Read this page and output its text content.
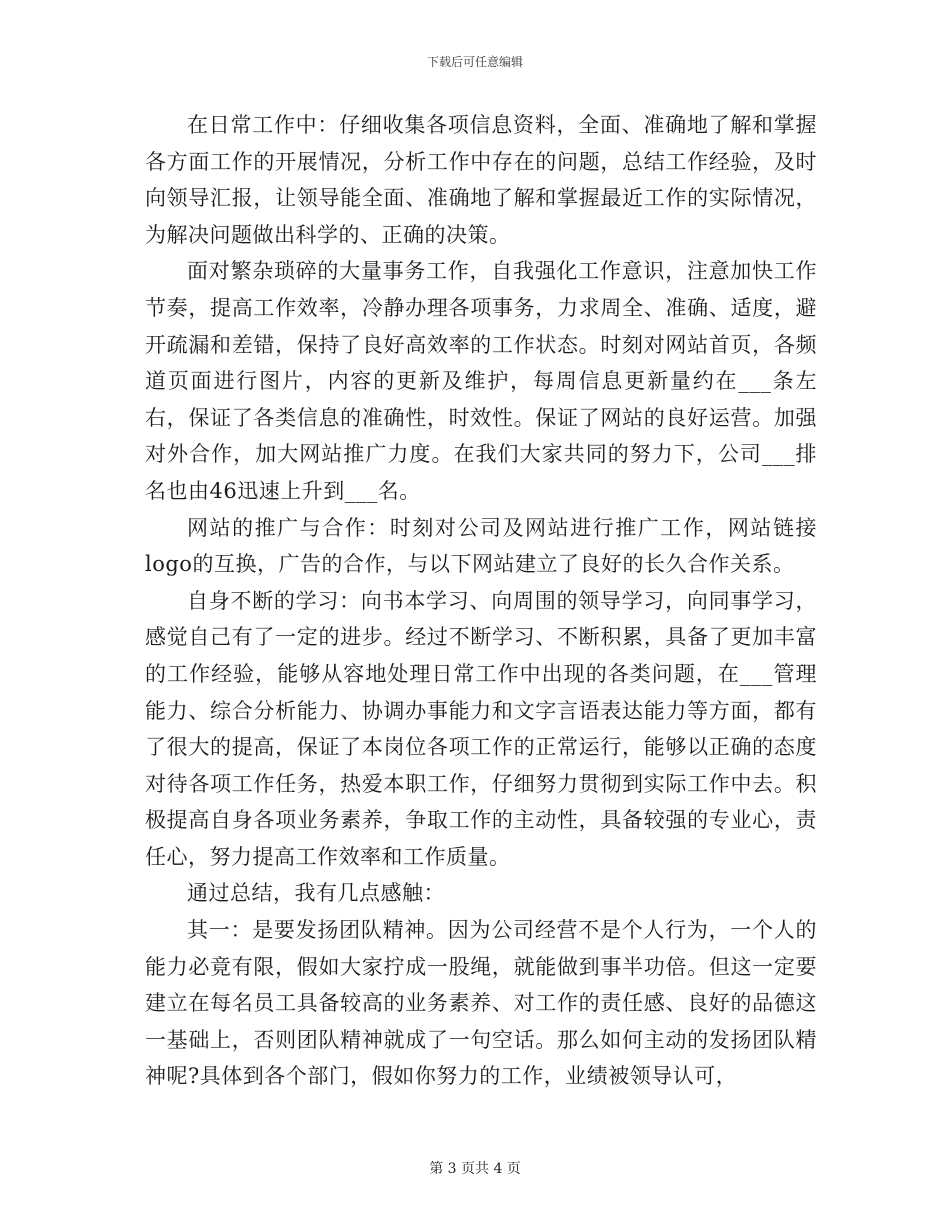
下载后可任意编辑

在日常工作中：仔细收集各项信息资料，全面、准确地了解和掌握各方面工作的开展情况，分析工作中存在的问题，总结工作经验，及时向领导汇报，让领导能全面、准确地了解和掌握最近工作的实际情况，为解决问题做出科学的、正确的决策。

面对繁杂琐碎的大量事务工作，自我强化工作意识，注意加快工作节奏，提高工作效率，冷静办理各项事务，力求周全、准确、适度，避开疏漏和差错，保持了良好高效率的工作状态。时刻对网站首页，各频道页面进行图片，内容的更新及维护，每周信息更新量约在___条左右，保证了各类信息的准确性，时效性。保证了网站的良好运营。加强对外合作，加大网站推广力度。在我们大家共同的努力下，公司___排名也由46迅速上升到___名。

网站的推广与合作：时刻对公司及网站进行推广工作，网站链接logo的互换，广告的合作，与以下网站建立了良好的长久合作关系。

自身不断的学习：向书本学习、向周围的领导学习，向同事学习，感觉自己有了一定的进步。经过不断学习、不断积累，具备了更加丰富的工作经验，能够从容地处理日常工作中出现的各类问题，在___管理能力、综合分析能力、协调办事能力和文字言语表达能力等方面，都有了很大的提高，保证了本岗位各项工作的正常运行，能够以正确的态度对待各项工作任务，热爱本职工作，仔细努力贯彻到实际工作中去。积极提高自身各项业务素养，争取工作的主动性，具备较强的专业心，责任心，努力提高工作效率和工作质量。

通过总结，我有几点感触：

其一：是要发扬团队精神。因为公司经营不是个人行为，一个人的能力必竟有限，假如大家拧成一股绳，就能做到事半功倍。但这一定要建立在每名员工具备较高的业务素养、对工作的责任感、良好的品德这一基础上，否则团队精神就成了一句空话。那么如何主动的发扬团队精神呢?具体到各个部门，假如你努力的工作，业绩被领导认可，

第 3 页共 4 页
